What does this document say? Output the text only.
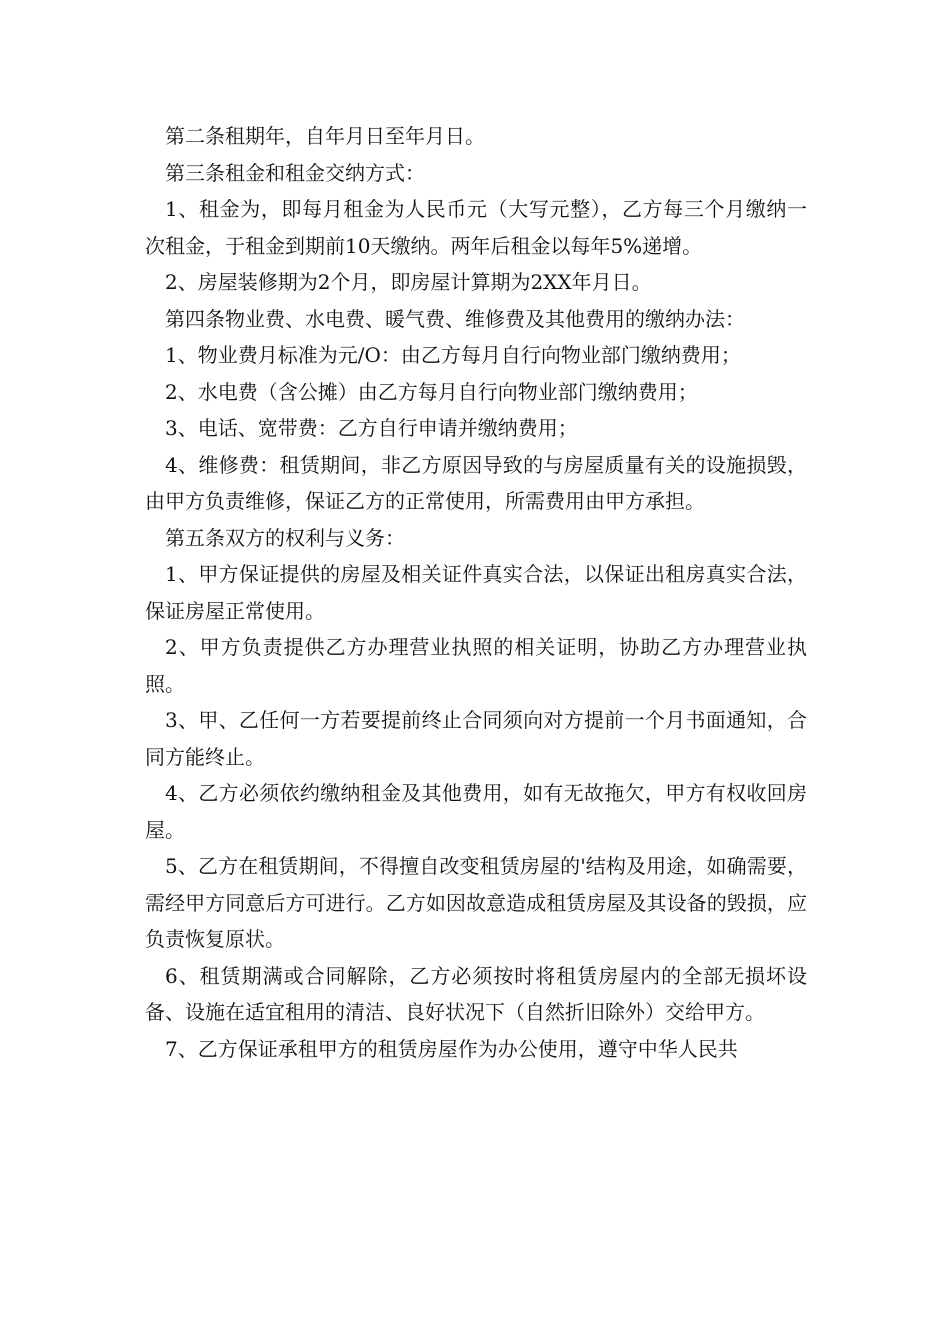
第二条租期年，自年月日至年月日。

第三条租金和租金交纳方式：

1、租金为，即每月租金为人民币元（大写元整），乙方每三个月缴纳一次租金，于租金到期前10天缴纳。两年后租金以每年5%递增。

2、房屋装修期为2个月，即房屋计算期为2XX年月日。

第四条物业费、水电费、暖气费、维修费及其他费用的缴纳办法：

1、物业费月标准为元/O：由乙方每月自行向物业部门缴纳费用；

2、水电费（含公摊）由乙方每月自行向物业部门缴纳费用；

3、电话、宽带费：乙方自行申请并缴纳费用；

4、维修费：租赁期间，非乙方原因导致的与房屋质量有关的设施损毁，由甲方负责维修，保证乙方的正常使用，所需费用由甲方承担。

第五条双方的权利与义务：

1、甲方保证提供的房屋及相关证件真实合法，以保证出租房真实合法，保证房屋正常使用。

2、甲方负责提供乙方办理营业执照的相关证明，协助乙方办理营业执照。

3、甲、乙任何一方若要提前终止合同须向对方提前一个月书面通知，合同方能终止。

4、乙方必须依约缴纳租金及其他费用，如有无故拖欠，甲方有权收回房屋。

5、乙方在租赁期间，不得擅自改变租赁房屋的'结构及用途，如确需要，需经甲方同意后方可进行。乙方如因故意造成租赁房屋及其设备的毁损，应负责恢复原状。

6、租赁期满或合同解除，乙方必须按时将租赁房屋内的全部无损坏设备、设施在适宜租用的清洁、良好状况下（自然折旧除外）交给甲方。

7、乙方保证承租甲方的租赁房屋作为办公使用，遵守中华人民共
